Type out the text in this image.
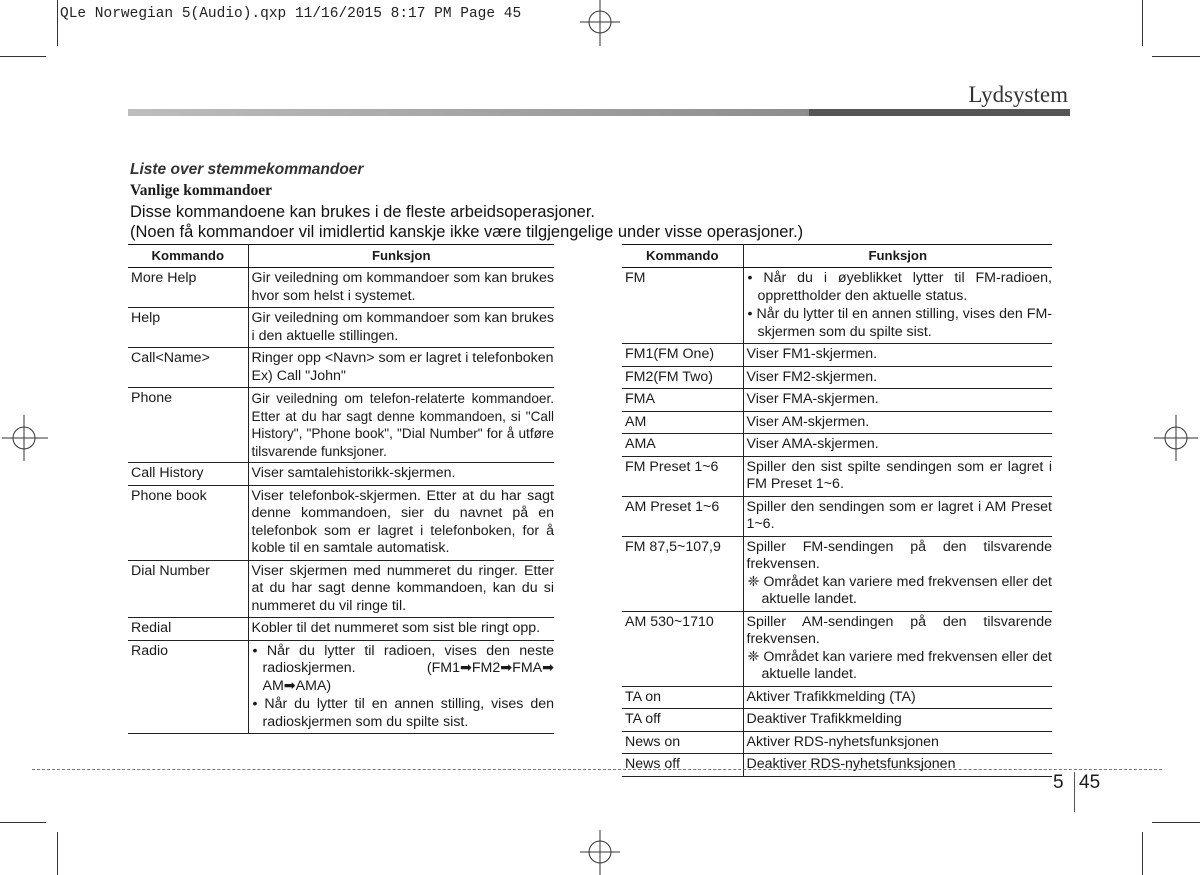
QLe Norwegian 5(Audio).qxp 11/16/2015 8:17 PM Page 45
Lydsystem
Liste over stemmekommandoer
Vanlige kommandoer
Disse kommandoene kan brukes i de fleste arbeidsoperasjoner.
(Noen få kommandoer vil imidlertid kanskje ikke være tilgjengelige under visse operasjoner.)
Kommando	Funksjon
More Help	Gir veiledning om kommandoer som kan brukes hvor som helst i systemet.

Help	Gir veiledning om kommandoer som kan brukes i den aktuelle stillingen.

Call<Name>	Ringer opp <Navn> som er lagret i telefonboken
Ex) Call "John"

Phone	Gir veiledning om telefon-relaterte kommandoer. Etter at du har sagt denne kommandoen, si "Call History", "Phone book", "Dial Number" for å utføre tilsvarende funksjoner.

Call History	Viser samtalehistorikk-skjermen.

Phone book	Viser telefonbok-skjermen. Etter at du har sagt denne kommandoen, sier du navnet på en telefonbok som er lagret i telefonboken, for å koble til en samtale automatisk.

Dial Number	Viser skjermen med nummeret du ringer. Etter at du har sagt denne kommandoen, kan du si nummeret du vil ringe til.

Redial	Kobler til det nummeret som sist ble ringt opp.

Radio	• Når du lytter til radioen, vises den neste radioskjermen. (FM1➡FM2➡FMA➡ AM➡AMA)
• Når du lytter til en annen stilling, vises den radioskjermen som du spilte sist.
Kommando	Funksjon
FM	• Når du i øyeblikket lytter til FM-radioen, opprettholder den aktuelle status.
• Når du lytter til en annen stilling, vises den FM-skjermen som du spilte sist.

FM1(FM One)	Viser FM1-skjermen.

FM2(FM Two)	Viser FM2-skjermen.

FMA	Viser FMA-skjermen.

AM	Viser AM-skjermen.

AMA	Viser AMA-skjermen.

FM Preset 1~6	Spiller den sist spilte sendingen som er lagret i FM Preset 1~6.

AM Preset 1~6	Spiller den sendingen som er lagret i AM Preset 1~6.

FM 87,5~107,9	Spiller FM-sendingen på den tilsvarende frekvensen.
❈ Området kan variere med frekvensen eller det aktuelle landet.

AM 530~1710	Spiller AM-sendingen på den tilsvarende frekvensen.
❈ Området kan variere med frekvensen eller det aktuelle landet.

TA on	Aktiver Trafikkmelding (TA)

TA off	Deaktiver Trafikkmelding

News on	Aktiver RDS-nyhetsfunksjonen

News off	Deaktiver RDS-nyhetsfunksjonen
5 45
